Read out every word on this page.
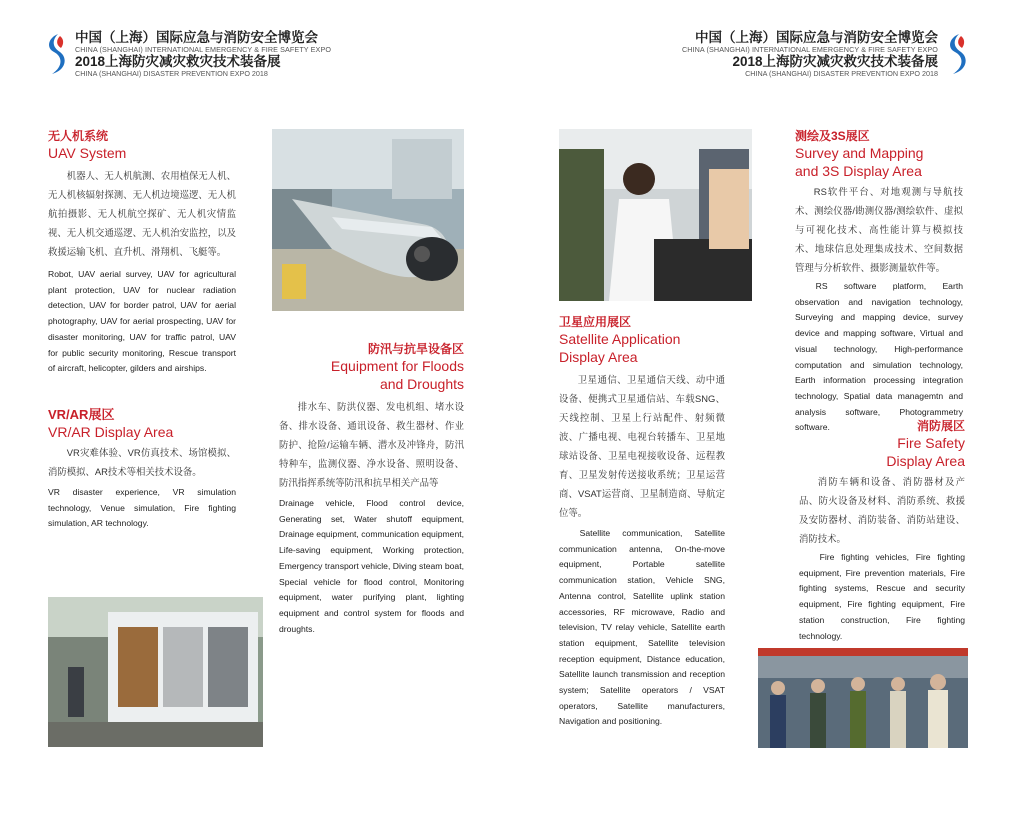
中国（上海）国际应急与消防安全博览会
CHINA (SHANGHAI) INTERNATIONAL EMERGENCY & FIRE SAFETY EXPO
2018上海防灾减灾救灾技术装备展
CHINA (SHANGHAI) DISASTER PREVENTION EXPO 2018
中国（上海）国际应急与消防安全博览会
CHINA (SHANGHAI) INTERNATIONAL EMERGENCY & FIRE SAFETY EXPO
2018上海防灾减灾救灾技术装备展
CHINA (SHANGHAI) DISASTER PREVENTION EXPO 2018
无人机系统
UAV System

机器人、无人机航测、农用植保无人机、无人机核辐射探测、无人机边境巡逻、无人机航拍摄影、无人机航空探矿、无人机灾情监视、无人机交通巡逻、无人机治安监控，以及救援运输飞机、直升机、滑翔机、飞艇等。

Robot, UAV aerial survey, UAV for agricultural plant protection, UAV for nuclear radiation detection, UAV for border patrol, UAV for aerial photography, UAV for aerial prospecting, UAV for disaster monitoring, UAV for traffic patrol, UAV for public security monitoring, Rescue transport of aircraft, helicopter, gilders and airships.

VR/AR展区
VR/AR Display Area

VR灾难体验、VR仿真技术、场馆模拟、消防模拟、AR技术等相关技术设备。

VR disaster experience, VR simulation technology, Venue simulation, Fire fighting simulation, AR technology.

防汛与抗旱设备区
Equipment for Floods
and Droughts

排水车、防洪仪器、发电机组、堵水设备、排水设备、通讯设备、救生器材、作业防护、抢险/运输车辆、潜水及冲锋舟，防汛特种车，监测仪器、净水设备、照明设备、防汛指挥系统等防汛和抗旱相关产品等

Drainage vehicle, Flood control device, Generating set, Water shutoff equipment, Drainage equipment, communication equipment, Life-saving equipment, Working protection, Emergency transport vehicle, Diving steam boat, Special vehicle for flood control, Monitoring equipment, water purifying plant, lighting equipment and control system for floods and droughts.

卫星应用展区
Satellite Application
Display Area

卫星通信、卫星通信天线、动中通设备、便携式卫星通信站、车载SNG、天线控制、卫星上行站配件、射频微波、广播电视、电视台转播车、卫星地球站设备、卫星电视接收设备、远程教育、卫星发射传送接收系统；卫星运营商、VSAT运营商、卫星制造商、导航定位等。

Satellite communication, Satellite communication antenna, On-the-move equipment, Portable satellite communication station, Vehicle SNG, Antenna control, Satellite uplink station accessories, RF microwave, Radio and television, TV relay vehicle, Satellite earth station equipment, Satellite television reception equipment, Distance education, Satellite launch transmission and reception system; Satellite operators / VSAT operators, Satellite manufacturers, Navigation and positioning.

测绘及3S展区
Survey and Mapping
and 3S Display Area

RS软件平台、对地观测与导航技术、测绘仪器/勘测仪器/测绘软件、虚拟与可视化技术、高性能计算与模拟技术、地球信息处理集成技术、空间数据管理与分析软件、摄影测量软件等。

RS software platform, Earth observation and navigation technology, Surveying and mapping device, survey device and mapping software, Virtual and visual technology, High-performance computation and simulation technology, Earth information processing integration technology, Spatial data managemtn and analysis software, Photogrammetry software.	消防展区
Fire Safety
Display Area

消防车辆和设备、消防器材及产品、防火设备及材料、消防系统、救援及安防器材、消防装备、消防站建设、消防技术。

Fire fighting vehicles, Fire fighting equipment, Fire prevention materials, Fire fighting systems, Rescue and security equipment, Fire fighting equipment, Fire station construction, Fire fighting technology.
